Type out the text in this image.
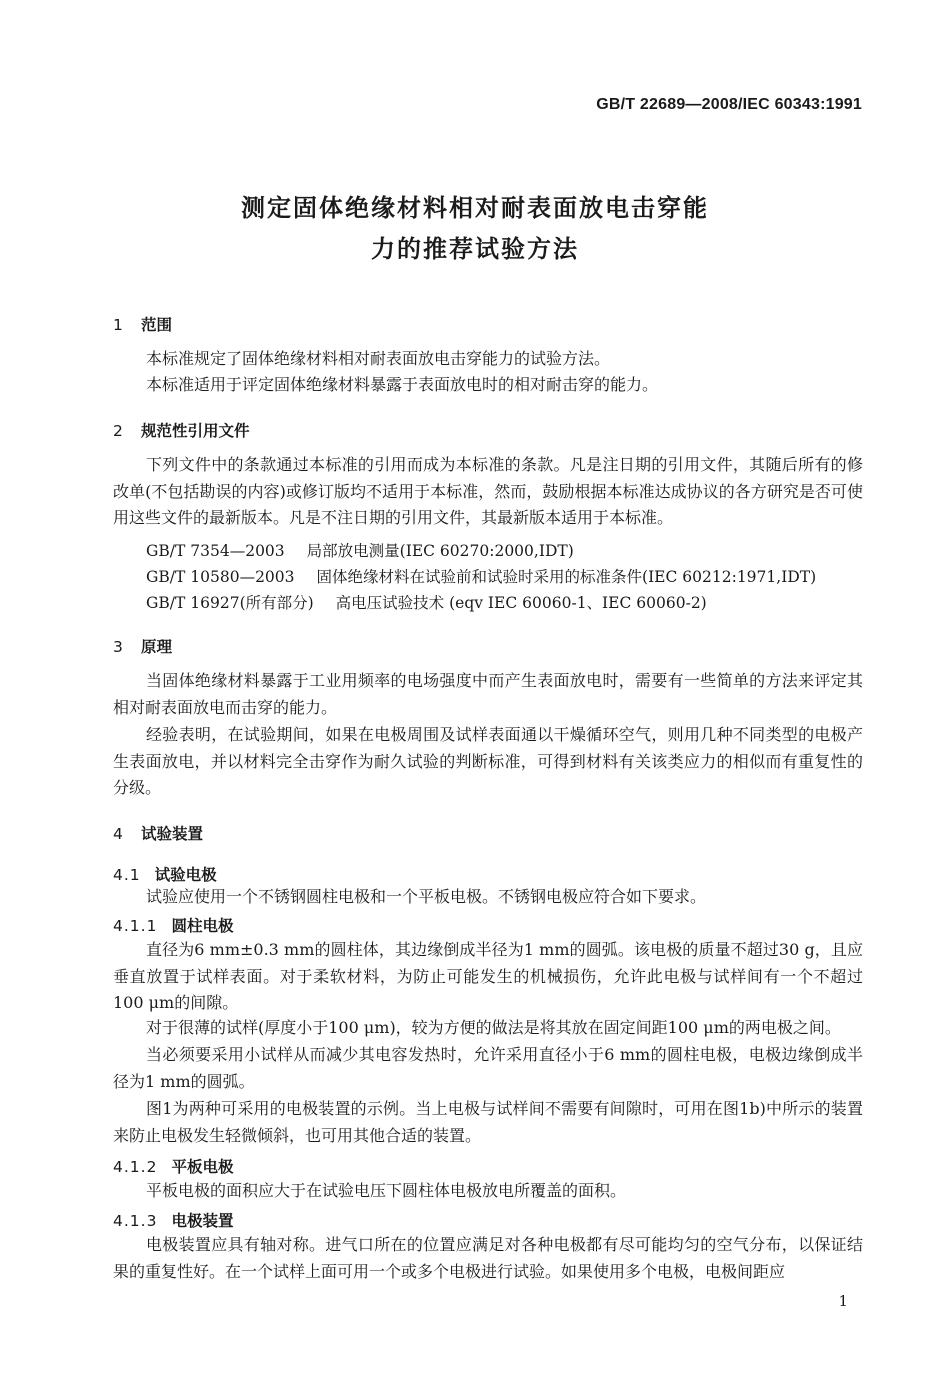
GB/T 22689—2008/IEC 60343:1991
测定固体绝缘材料相对耐表面放电击穿能
力的推荐试验方法
1 范围

本标准规定了固体绝缘材料相对耐表面放电击穿能力的试验方法。

本标准适用于评定固体绝缘材料暴露于表面放电时的相对耐击穿的能力。

2 规范性引用文件

下列文件中的条款通过本标准的引用而成为本标准的条款。凡是注日期的引用文件，其随后所有的修改单(不包括勘误的内容)或修订版均不适用于本标准，然而，鼓励根据本标准达成协议的各方研究是否可使用这些文件的最新版本。凡是不注日期的引用文件，其最新版本适用于本标准。

GB/T 7354—2003 局部放电测量(IEC 60270:2000,IDT)
GB/T 10580—2003 固体绝缘材料在试验前和试验时采用的标准条件(IEC 60212:1971,IDT)
GB/T 16927(所有部分) 高电压试验技术 (eqv IEC 60060-1、IEC 60060-2)
3 原理

当固体绝缘材料暴露于工业用频率的电场强度中而产生表面放电时，需要有一些简单的方法来评定其相对耐表面放电而击穿的能力。

经验表明，在试验期间，如果在电极周围及试样表面通以干燥循环空气，则用几种不同类型的电极产生表面放电，并以材料完全击穿作为耐久试验的判断标准，可得到材料有关该类应力的相似而有重复性的分级。

4 试验装置
4.1 试验电极

试验应使用一个不锈钢圆柱电极和一个平板电极。不锈钢电极应符合如下要求。

4.1.1 圆柱电极

直径为6 mm±0.3 mm的圆柱体，其边缘倒成半径为1 mm的圆弧。该电极的质量不超过30 g，且应垂直放置于试样表面。对于柔软材料，为防止可能发生的机械损伤，允许此电极与试样间有一个不超过100 μm的间隙。

对于很薄的试样(厚度小于100 μm)，较为方便的做法是将其放在固定间距100 μm的两电极之间。

当必须要采用小试样从而减少其电容发热时，允许采用直径小于6 mm的圆柱电极，电极边缘倒成半径为1 mm的圆弧。

图1为两种可采用的电极装置的示例。当上电极与试样间不需要有间隙时，可用在图1b)中所示的装置来防止电极发生轻微倾斜，也可用其他合适的装置。

4.1.2 平板电极

平板电极的面积应大于在试验电压下圆柱体电极放电所覆盖的面积。

4.1.3 电极装置

电极装置应具有轴对称。进气口所在的位置应满足对各种电极都有尽可能均匀的空气分布，以保证结果的重复性好。在一个试样上面可用一个或多个电极进行试验。如果使用多个电极，电极间距应

1
